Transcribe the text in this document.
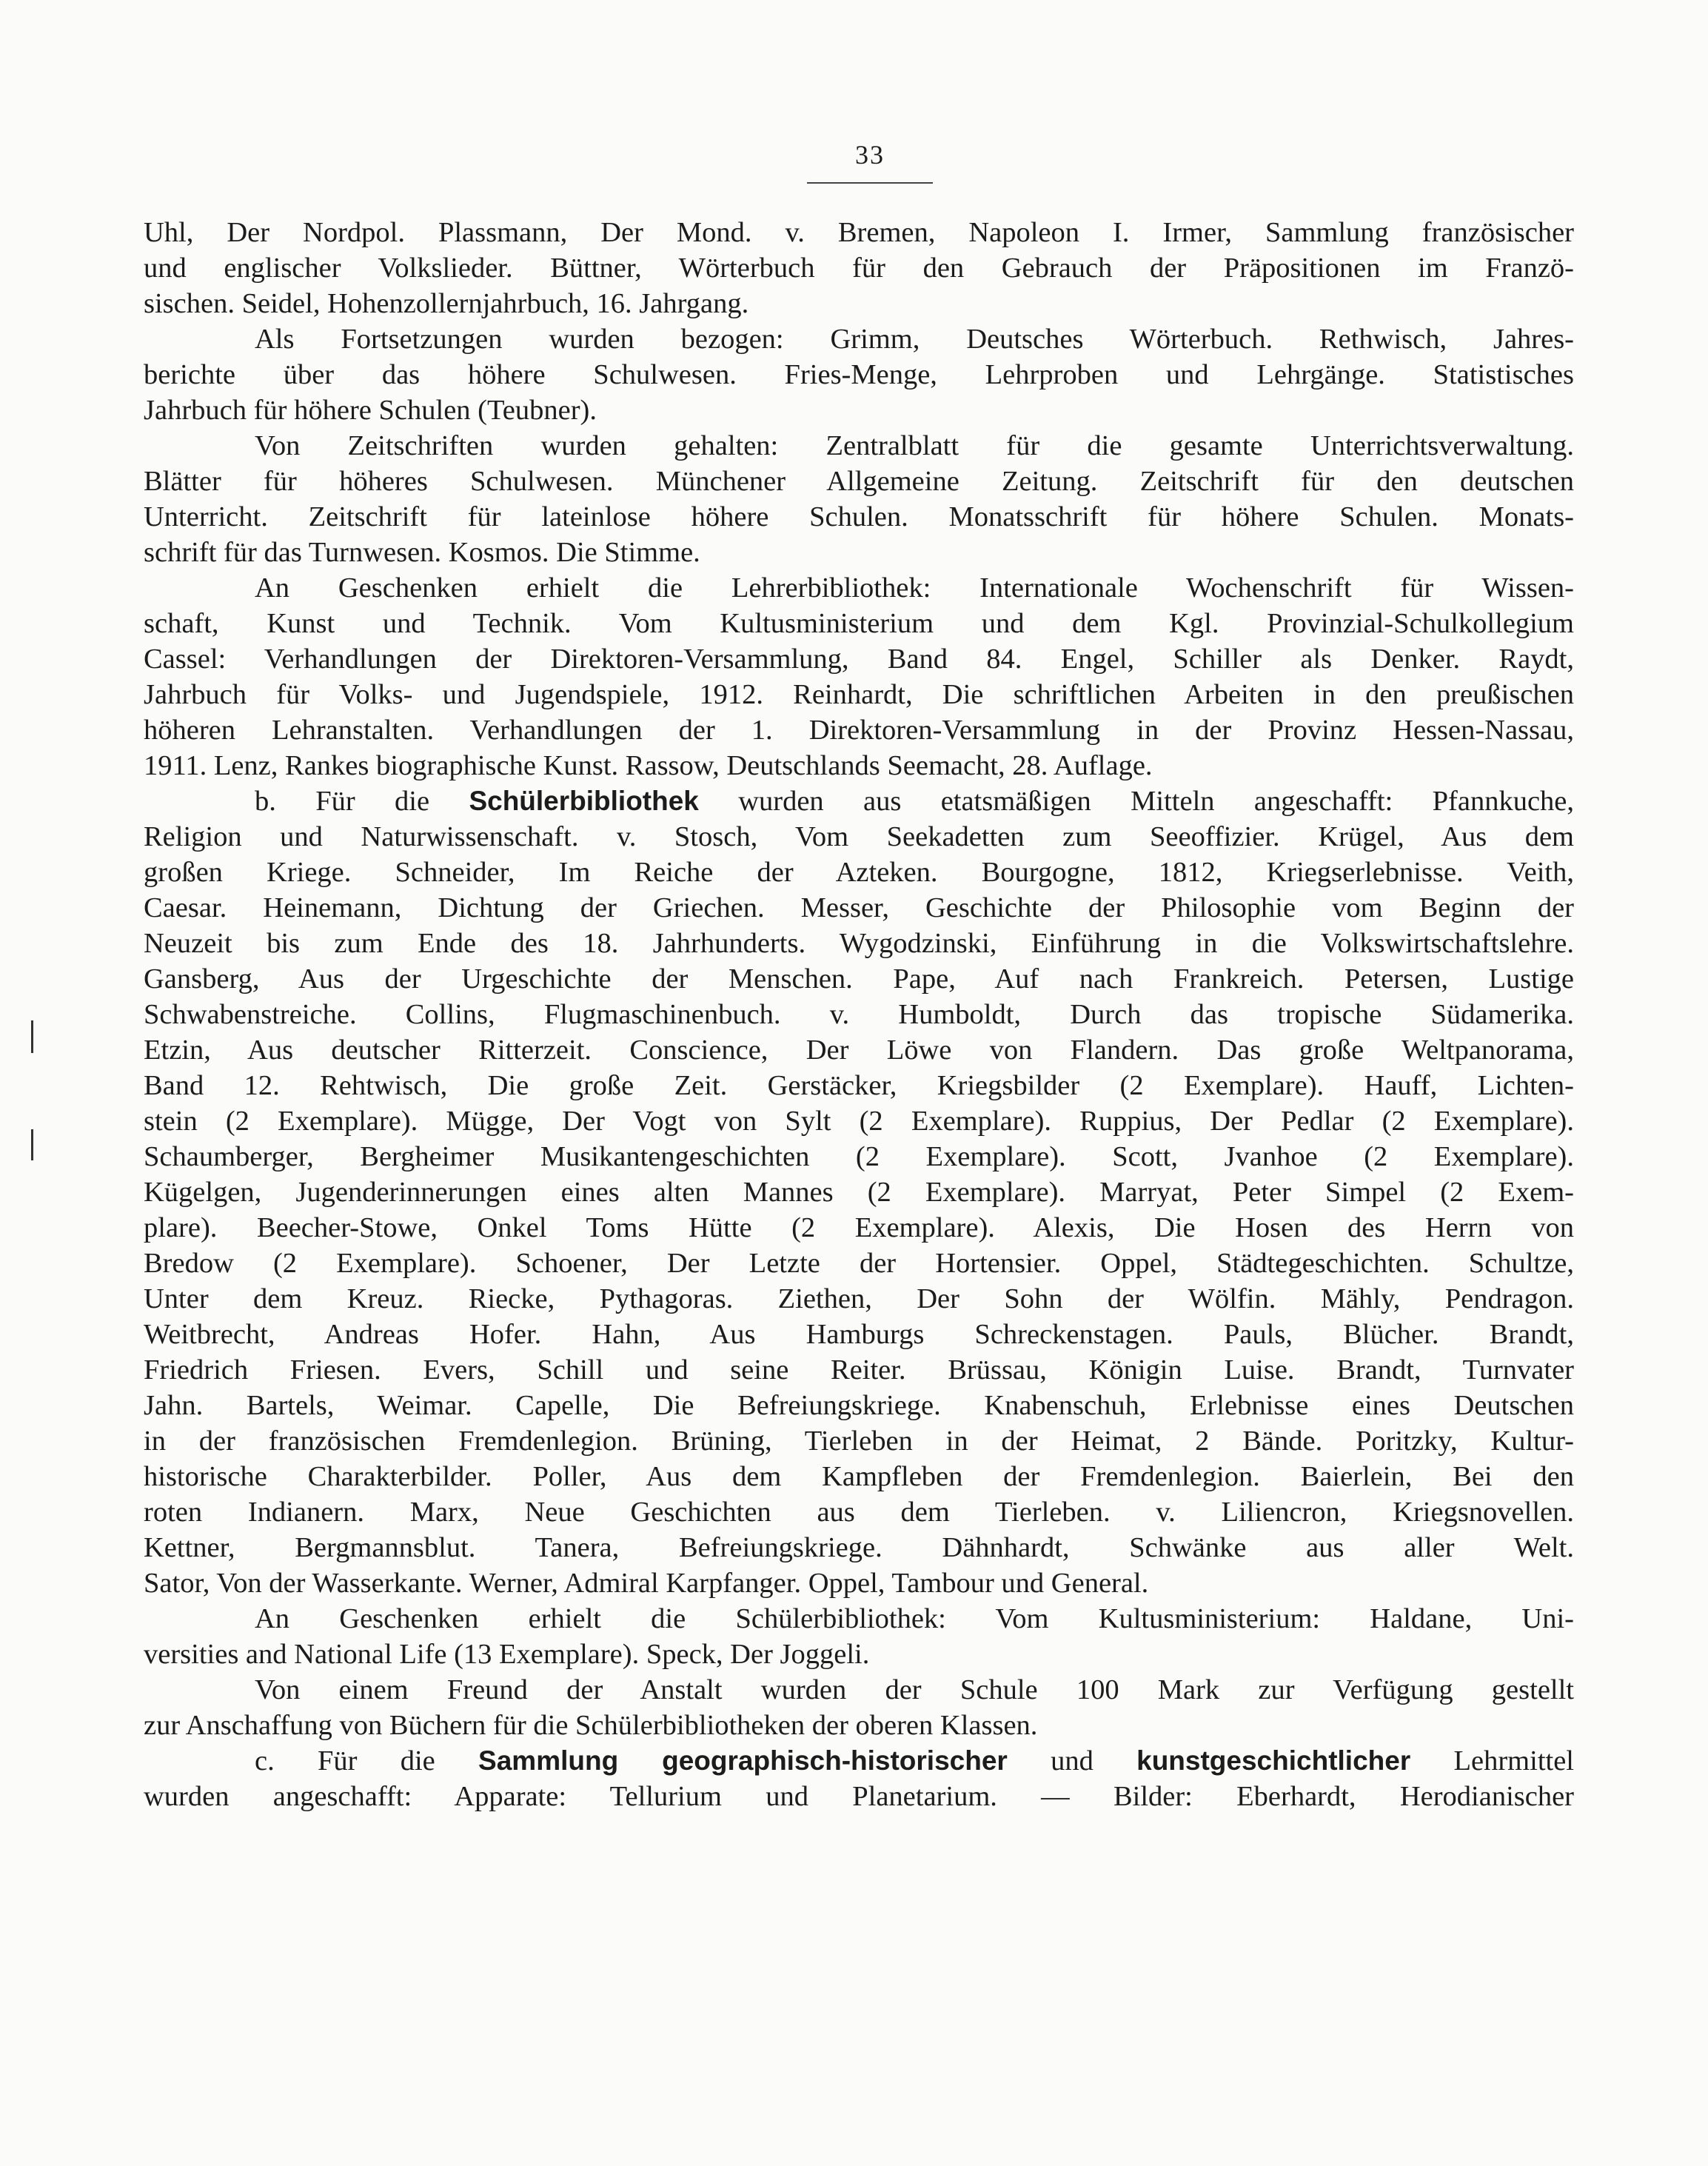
33
Uhl, Der Nordpol. Plassmann, Der Mond. v. Bremen, Napoleon I. Irmer, Sammlung französischer
und englischer Volkslieder. Büttner, Wörterbuch für den Gebrauch der Präpositionen im Franzö-
sischen. Seidel, Hohenzollernjahrbuch, 16. Jahrgang.
Als Fortsetzungen wurden bezogen: Grimm, Deutsches Wörterbuch. Rethwisch, Jahres-
berichte über das höhere Schulwesen. Fries-Menge, Lehrproben und Lehrgänge. Statistisches
Jahrbuch für höhere Schulen (Teubner).
Von Zeitschriften wurden gehalten: Zentralblatt für die gesamte Unterrichtsverwaltung.
Blätter für höheres Schulwesen. Münchener Allgemeine Zeitung. Zeitschrift für den deutschen
Unterricht. Zeitschrift für lateinlose höhere Schulen. Monatsschrift für höhere Schulen. Monats-
schrift für das Turnwesen. Kosmos. Die Stimme.
An Geschenken erhielt die Lehrerbibliothek: Internationale Wochenschrift für Wissen-
schaft, Kunst und Technik. Vom Kultusministerium und dem Kgl. Provinzial-Schulkollegium
Cassel: Verhandlungen der Direktoren-Versammlung, Band 84. Engel, Schiller als Denker. Raydt,
Jahrbuch für Volks- und Jugendspiele, 1912. Reinhardt, Die schriftlichen Arbeiten in den preußischen
höheren Lehranstalten. Verhandlungen der 1. Direktoren-Versammlung in der Provinz Hessen-Nassau,
1911. Lenz, Rankes biographische Kunst. Rassow, Deutschlands Seemacht, 28. Auflage.
b. Für die Schülerbibliothek wurden aus etatsmäßigen Mitteln angeschafft: Pfannkuche,
Religion und Naturwissenschaft. v. Stosch, Vom Seekadetten zum Seeoffizier. Krügel, Aus dem
großen Kriege. Schneider, Im Reiche der Azteken. Bourgogne, 1812, Kriegserlebnisse. Veith,
Caesar. Heinemann, Dichtung der Griechen. Messer, Geschichte der Philosophie vom Beginn der
Neuzeit bis zum Ende des 18. Jahrhunderts. Wygodzinski, Einführung in die Volkswirtschaftslehre.
Gansberg, Aus der Urgeschichte der Menschen. Pape, Auf nach Frankreich. Petersen, Lustige
Schwabenstreiche. Collins, Flugmaschinenbuch. v. Humboldt, Durch das tropische Südamerika.
Etzin, Aus deutscher Ritterzeit. Conscience, Der Löwe von Flandern. Das große Weltpanorama,
Band 12. Rehtwisch, Die große Zeit. Gerstäcker, Kriegsbilder (2 Exemplare). Hauff, Lichten-
stein (2 Exemplare). Mügge, Der Vogt von Sylt (2 Exemplare). Ruppius, Der Pedlar (2 Exemplare).
Schaumberger, Bergheimer Musikantengeschichten (2 Exemplare). Scott, Jvanhoe (2 Exemplare).
Kügelgen, Jugenderinnerungen eines alten Mannes (2 Exemplare). Marryat, Peter Simpel (2 Exem-
plare). Beecher-Stowe, Onkel Toms Hütte (2 Exemplare). Alexis, Die Hosen des Herrn von
Bredow (2 Exemplare). Schoener, Der Letzte der Hortensier. Oppel, Städtegeschichten. Schultze,
Unter dem Kreuz. Riecke, Pythagoras. Ziethen, Der Sohn der Wölfin. Mähly, Pendragon.
Weitbrecht, Andreas Hofer. Hahn, Aus Hamburgs Schreckenstagen. Pauls, Blücher. Brandt,
Friedrich Friesen. Evers, Schill und seine Reiter. Brüssau, Königin Luise. Brandt, Turnvater
Jahn. Bartels, Weimar. Capelle, Die Befreiungskriege. Knabenschuh, Erlebnisse eines Deutschen
in der französischen Fremdenlegion. Brüning, Tierleben in der Heimat, 2 Bände. Poritzky, Kultur-
historische Charakterbilder. Poller, Aus dem Kampfleben der Fremdenlegion. Baierlein, Bei den
roten Indianern. Marx, Neue Geschichten aus dem Tierleben. v. Liliencron, Kriegsnovellen.
Kettner, Bergmannsblut. Tanera, Befreiungskriege. Dähnhardt, Schwänke aus aller Welt.
Sator, Von der Wasserkante. Werner, Admiral Karpfanger. Oppel, Tambour und General.
An Geschenken erhielt die Schülerbibliothek: Vom Kultusministerium: Haldane, Uni-
versities and National Life (13 Exemplare). Speck, Der Joggeli.
Von einem Freund der Anstalt wurden der Schule 100 Mark zur Verfügung gestellt
zur Anschaffung von Büchern für die Schülerbibliotheken der oberen Klassen.
c. Für die Sammlung geographisch-historischer und kunstgeschichtlicher Lehrmittel
wurden angeschafft: Apparate: Tellurium und Planetarium. — Bilder: Eberhardt, Herodianischer
